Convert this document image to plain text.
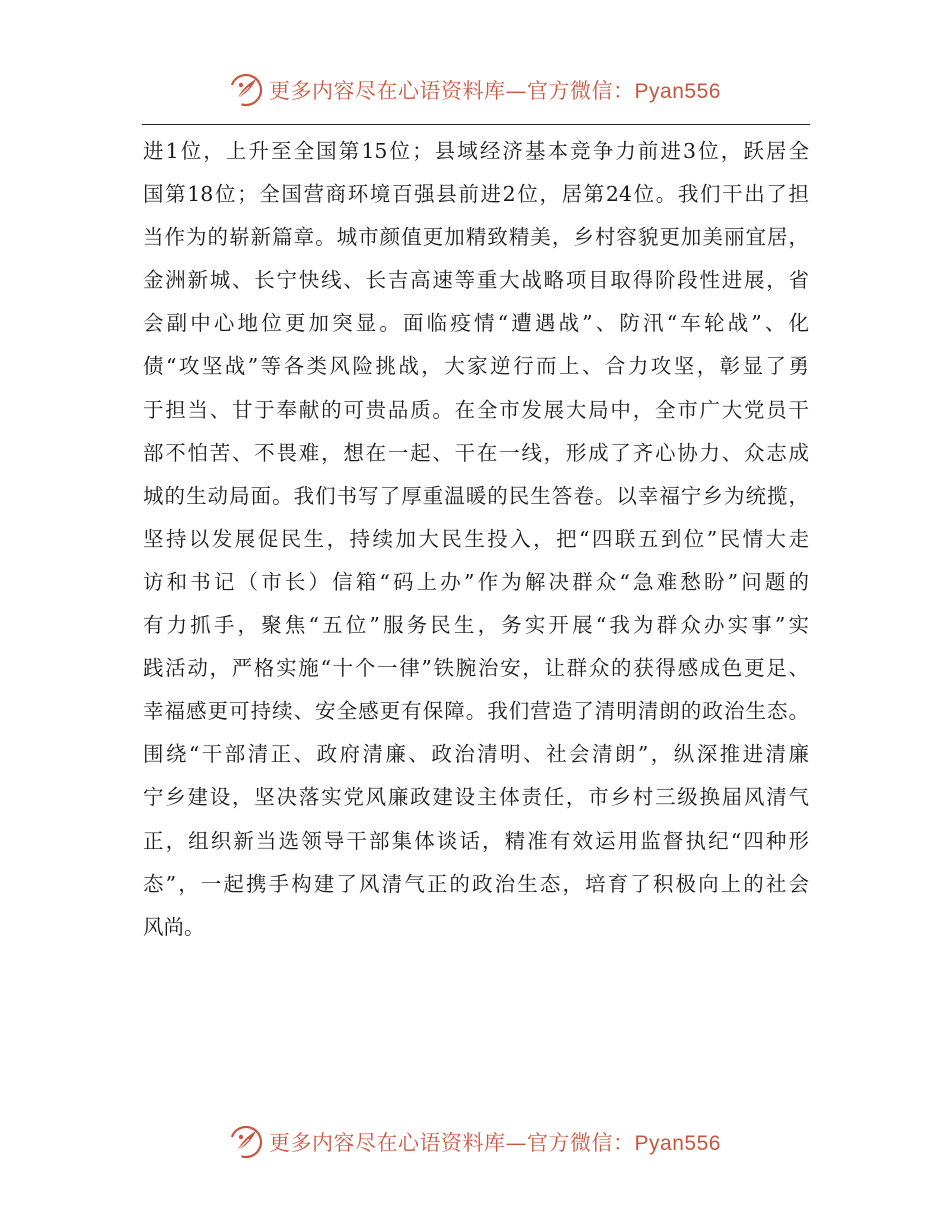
更多内容尽在心语资料库—官方微信：Pyan556
进1位，上升至全国第15位；县域经济基本竞争力前进3位，跃居全
国第18位；全国营商环境百强县前进2位，居第24位。我们干出了担
当作为的崭新篇章。城市颜值更加精致精美，乡村容貌更加美丽宜居，
金洲新城、长宁快线、长吉高速等重大战略项目取得阶段性进展，省
会副中心地位更加突显。面临疫情“遭遇战”、防汛“车轮战”、化
债“攻坚战”等各类风险挑战，大家逆行而上、合力攻坚，彰显了勇
于担当、甘于奉献的可贵品质。在全市发展大局中，全市广大党员干
部不怕苦、不畏难，想在一起、干在一线，形成了齐心协力、众志成
城的生动局面。我们书写了厚重温暖的民生答卷。以幸福宁乡为统揽，
坚持以发展促民生，持续加大民生投入，把“四联五到位”民情大走
访和书记（市长）信箱“码上办”作为解决群众“急难愁盼”问题的
有力抓手，聚焦“五位”服务民生，务实开展“我为群众办实事”实
践活动，严格实施“十个一律”铁腕治安，让群众的获得感成色更足、
幸福感更可持续、安全感更有保障。我们营造了清明清朗的政治生态。
围绕“干部清正、政府清廉、政治清明、社会清朗”，纵深推进清廉
宁乡建设，坚决落实党风廉政建设主体责任，市乡村三级换届风清气
正，组织新当选领导干部集体谈话，精准有效运用监督执纪“四种形
态”，一起携手构建了风清气正的政治生态，培育了积极向上的社会
风尚。
更多内容尽在心语资料库—官方微信：Pyan556
